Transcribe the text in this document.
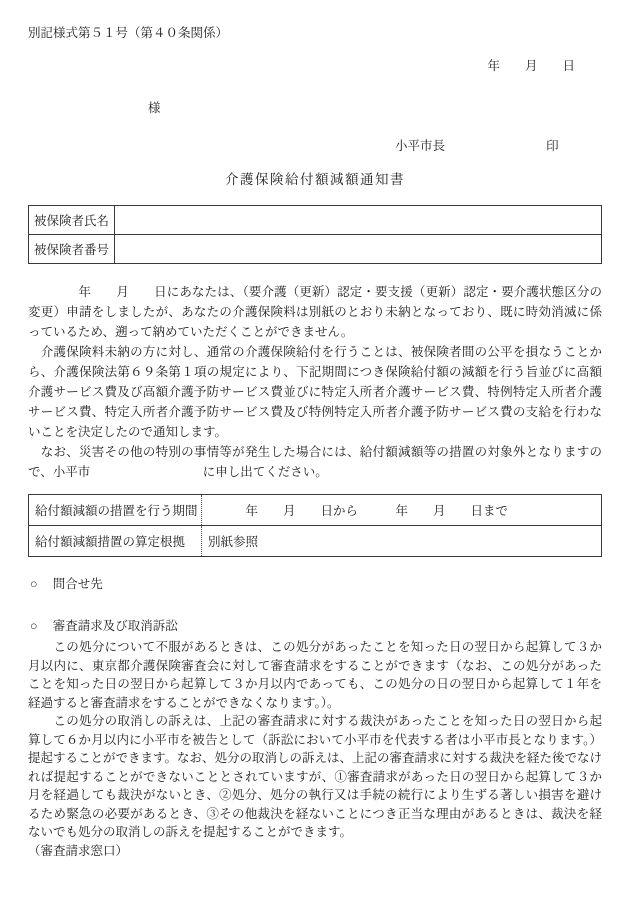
別記様式第５１号（第４０条関係）
年　　月　　日
様
小平市長	印
介護保険給付額減額通知書
被保険者氏名	
被保険者番号	

　　　　年　　月　　日にあなたは、（要介護（更新）認定・要支援（更新）認定・要介護状態区分の変更）申請をしましたが、あなたの介護保険料は別紙のとおり未納となっており、既に時効消滅に係っているため、遡って納めていただくことができません。

　介護保険料未納の方に対し、通常の介護保険給付を行うことは、被保険者間の公平を損なうことから、介護保険法第６９条第１項の規定により、下記期間につき保険給付額の減額を行う旨並びに高額介護サービス費及び高額介護予防サービス費並びに特定入所者介護サービス費、特例特定入所者介護サービス費、特定入所者介護予防サービス費及び特例特定入所者介護予防サービス費の支給を行わないことを決定したので通知します。

　なお、災害その他の特別の事情等が発生した場合には、給付額減額等の措置の対象外となりますので、小平市　　　　　　　　　に申し出てください。

給付額減額の措置を行う期間	　　　年　　月　　日から　　　年　　月　　日まで
給付額減額措置の算定根拠	別紙参照
○ 問合せ先
○ 審査請求及び取消訴訟

　　この処分について不服があるときは、この処分があったことを知った日の翌日から起算して３か月以内に、東京都介護保険審査会に対して審査請求をすることができます（なお、この処分があったことを知った日の翌日から起算して３か月以内であっても、この処分の日の翌日から起算して１年を経過すると審査請求をすることができなくなります。）。

　　この処分の取消しの訴えは、上記の審査請求に対する裁決があったことを知った日の翌日から起算して６か月以内に小平市を被告として（訴訟において小平市を代表する者は小平市長となります。）提起することができます。なお、処分の取消しの訴えは、上記の審査請求に対する裁決を経た後でなければ提起することができないこととされていますが、①審査請求があった日の翌日から起算して３か月を経過しても裁決がないとき、②処分、処分の執行又は手続の続行により生ずる著しい損害を避けるため緊急の必要があるとき、③その他裁決を経ないことにつき正当な理由があるときは、裁決を経ないでも処分の取消しの訴えを提起することができます。

（審査請求窓口）
